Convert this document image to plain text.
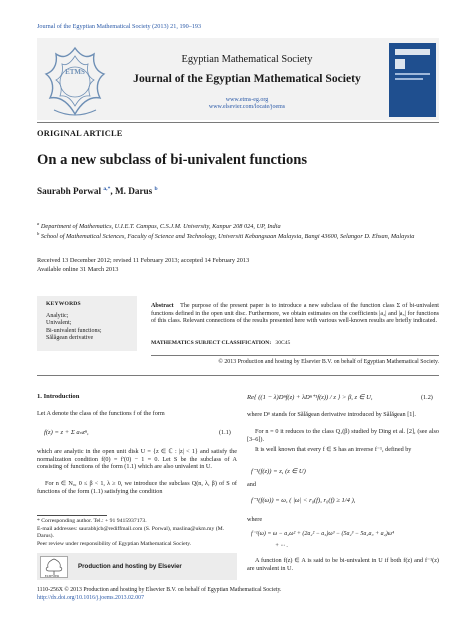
Journal of the Egyptian Mathematical Society (2013) 21, 190–193
ETMS
Egyptian Mathematical Society
Journal of the Egyptian Mathematical Society
www.etms-eg.org
www.elsevier.com/locate/joems
ORIGINAL ARTICLE
On a new subclass of bi-univalent functions
Saurabh Porwal $^{a,*}$, M. Darus $^b$
$^a$ Department of Mathematics, U.I.E.T. Campus, C.S.J.M. University, Kanpur 208 024, UP, India
$^b$ School of Mathematical Sciences, Faculty of Science and Technology, Universiti Kebangsaan Malaysia, Bangi 43600, Selangor D. Ehsan, Malaysia
Received 13 December 2012; revised 11 February 2013; accepted 14 February 2013
Available online 31 March 2013
KEYWORDS
Analytic;
Univalent;
Bi-univalent functions;
Sălăgean derivative
Abstract The purpose of the present paper is to introduce a new subclass of the function class Σ of bi-univalent functions defined in the open unit disc. Furthermore, we obtain estimates on the coefficients |a₂| and |a₃| for functions of this class. Relevant connections of the results presented here with various well-known results are briefly indicated.
MATHEMATICS SUBJECT CLASSIFICATION: 30C45
© 2013 Production and hosting by Elsevier B.V. on behalf of Egyptian Mathematical Society.
1. Introduction
Let A denote the class of the functions f of the form
f(z) = z + Σ aₙzⁿ,	(1.1)
which are analytic in the open unit disk U = {z ∈ ℂ : |z| < 1} and satisfy the normalization condition f(0) = f′(0) − 1 = 0. Let S be the subclass of A consisting of functions of the form (1.1) which are also univalent in U.
For n ∈ N₀, 0 ≤ β < 1, λ ≥ 0, we introduce the subclass Q(n, λ, β) of S of functions of the form (1.1) satisfying the condition
* Corresponding author. Tel.: + 91 9415937173.
E-mail addresses: saurabhjcb@rediffmail.com (S. Porwal), maslina@ukm.my (M. Darus).
Peer review under responsibility of Egyptian Mathematical Society.
ELSEVIER
Production and hosting by Elsevier
Re{ ((1 − λ)Dⁿf(z) + λDⁿ⁺¹f(z)) / z } > β, z ∈ U,	(1.2)
where Dⁿ stands for Sălăgean derivative introduced by Sălăgean [1].
For n = 0 it reduces to the class Q₁(β) studied by Ding et al. [2], (see also [3–6]).
It is well known that every f ∈ S has an inverse f⁻¹, defined by
f⁻¹(f(z)) = z, (z ∈ U)
and
f⁻¹(f(ω)) = ω, ( |ω| < r₀(f), r₀(f) ≥ 1/4 ),
where
f⁻¹(ω) = ω − a₂ω² + (2a₂² − a₃)ω³ − (5a₂³ − 5a₂a₃ + a₄)ω⁴
+ ··· .
A function f(z) ∈ A is said to be bi-univalent in U if both f(z) and f⁻¹(z) are univalent in U.
1110-256X © 2013 Production and hosting by Elsevier B.V. on behalf of Egyptian Mathematical Society.
http://dx.doi.org/10.1016/j.joems.2013.02.007
